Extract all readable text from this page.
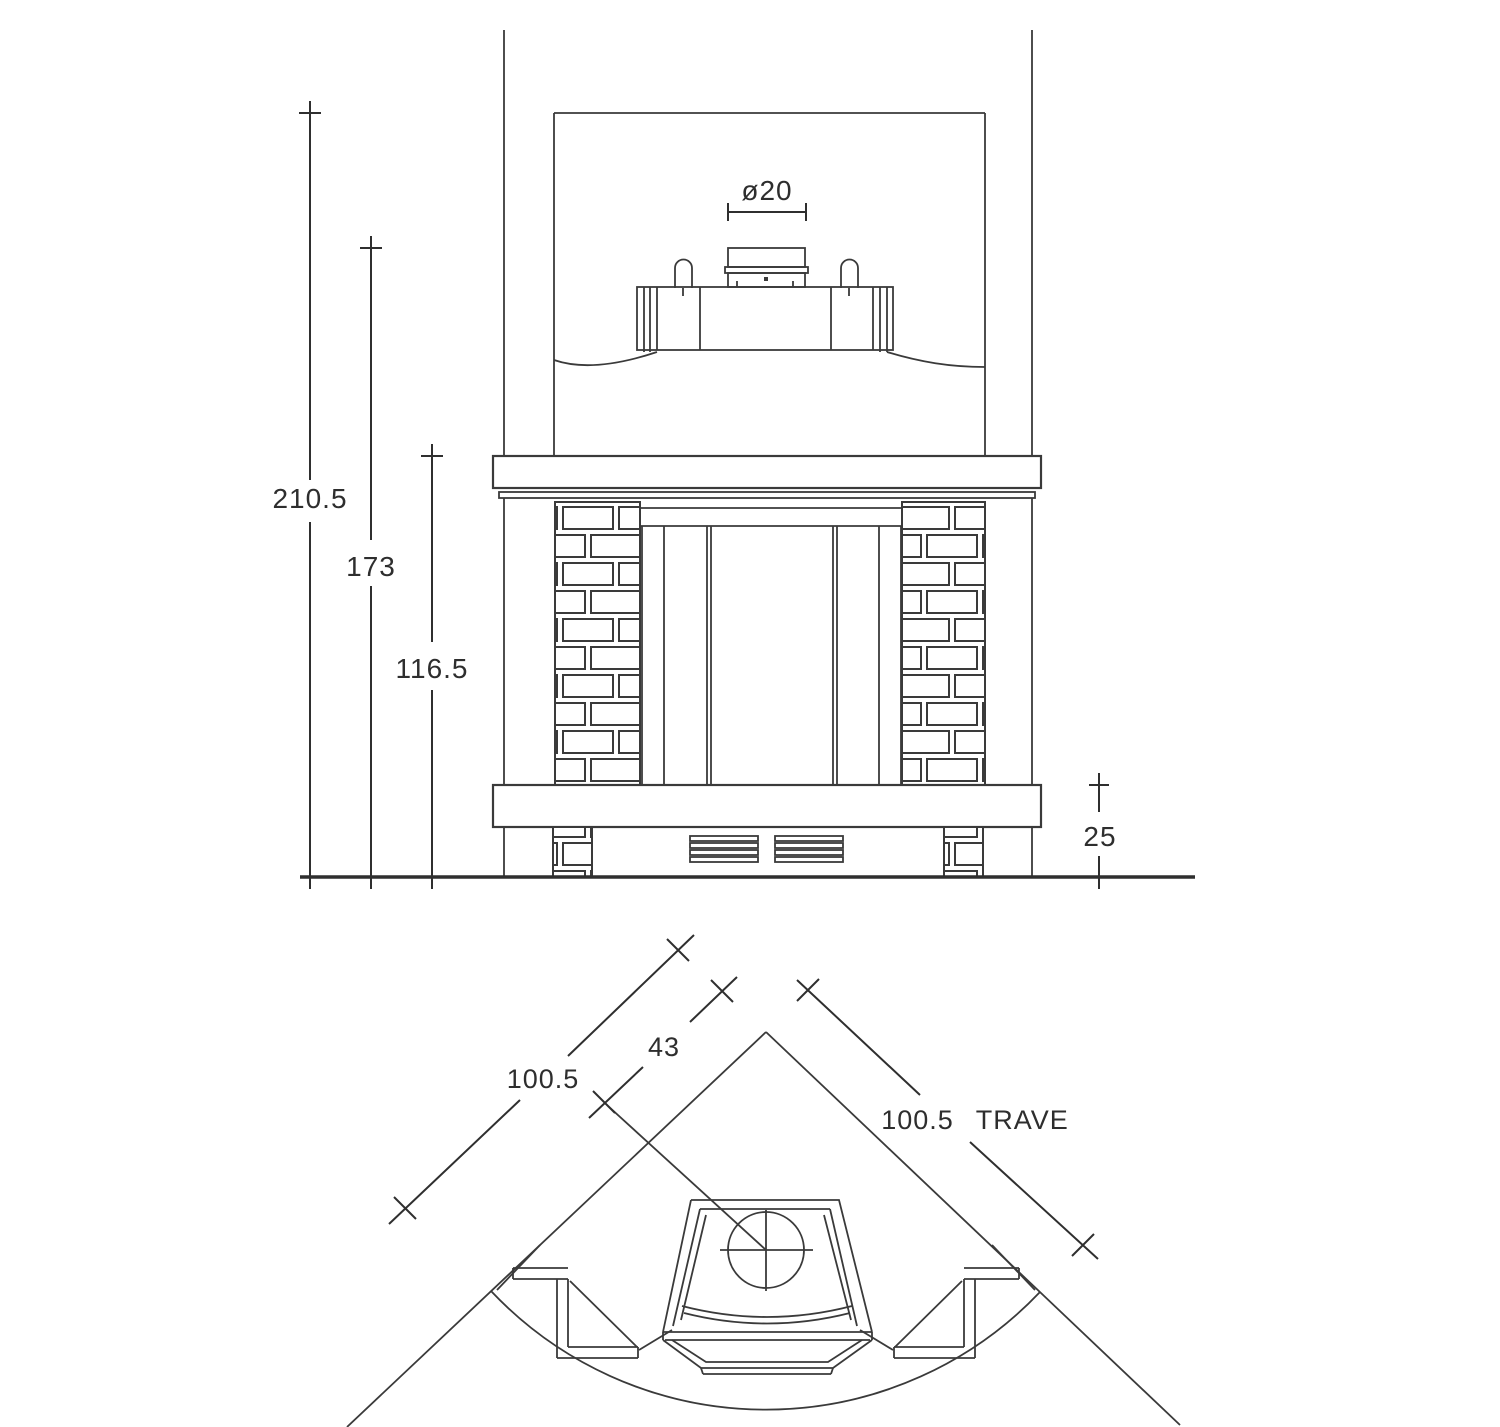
ø20
210.5
173
116.5
25
100.5
43
100.5 TRAVE
